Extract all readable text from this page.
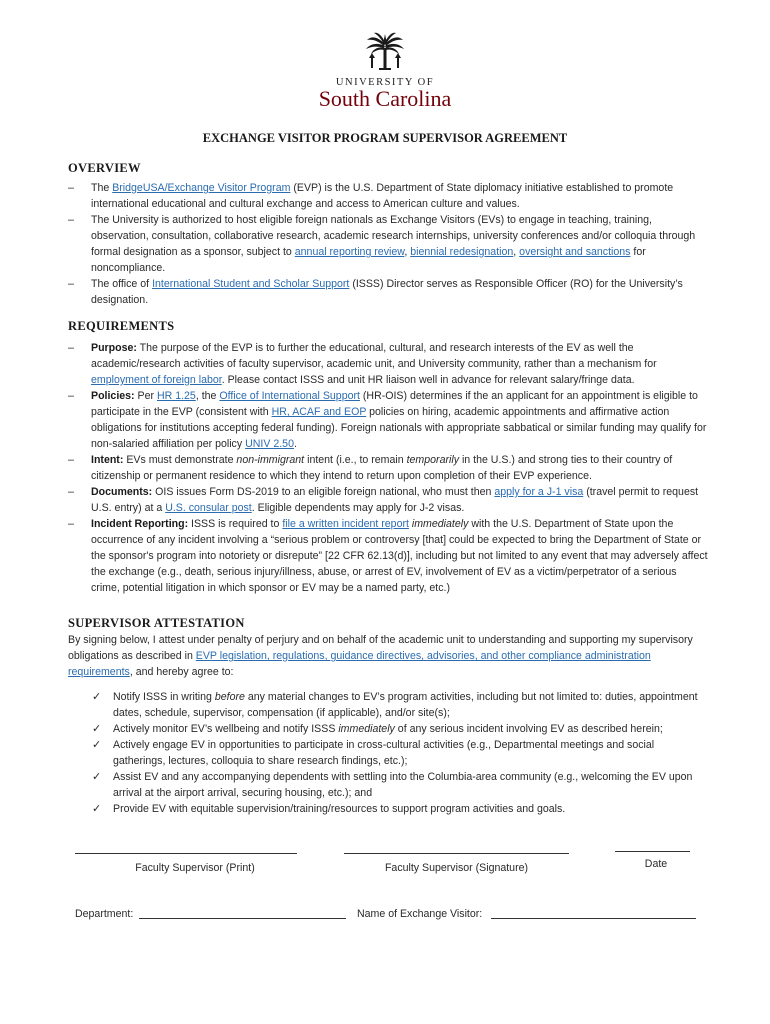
UNIVERSITY OF
South Carolina
EXCHANGE VISITOR PROGRAM SUPERVISOR AGREEMENT
OVERVIEW
– The BridgeUSA/Exchange Visitor Program (EVP) is the U.S. Department of State diplomacy initiative established to promote international educational and cultural exchange and access to American culture and values.
– The University is authorized to host eligible foreign nationals as Exchange Visitors (EVs) to engage in teaching, training, observation, consultation, collaborative research, academic research internships, university conferences and/or colloquia through formal designation as a sponsor, subject to annual reporting review, biennial redesignation, oversight and sanctions for noncompliance.
– The office of International Student and Scholar Support (ISSS) Director serves as Responsible Officer (RO) for the University’s designation.
REQUIREMENTS
– Purpose: The purpose of the EVP is to further the educational, cultural, and research interests of the EV as well the academic/research activities of faculty supervisor, academic unit, and University community, rather than a mechanism for employment of foreign labor. Please contact ISSS and unit HR liaison well in advance for relevant salary/fringe data.
– Policies: Per HR 1.25, the Office of International Support (HR-OIS) determines if the an applicant for an appointment is eligible to participate in the EVP (consistent with HR, ACAF and EOP policies on hiring, academic appointments and affirmative action obligations for institutions accepting federal funding). Foreign nationals with appropriate sabbatical or similar funding may qualify for non-salaried affiliation per policy UNIV 2.50.
– Intent: EVs must demonstrate non-immigrant intent (i.e., to remain temporarily in the U.S.) and strong ties to their country of citizenship or permanent residence to which they intend to return upon completion of their EVP experience.
– Documents: OIS issues Form DS-2019 to an eligible foreign national, who must then apply for a J-1 visa (travel permit to request U.S. entry) at a U.S. consular post. Eligible dependents may apply for J-2 visas.
– Incident Reporting: ISSS is required to file a written incident report immediately with the U.S. Department of State upon the occurrence of any incident involving a “serious problem or controversy [that] could be expected to bring the Department of State or the sponsor's program into notoriety or disrepute” [22 CFR 62.13(d)], including but not limited to any event that may adversely affect the exchange (e.g., death, serious injury/illness, abuse, or arrest of EV, involvement of EV as a victim/perpetrator of a serious crime, potential litigation in which sponsor or EV may be a named party, etc.)
SUPERVISOR ATTESTATION
By signing below, I attest under penalty of perjury and on behalf of the academic unit to understanding and supporting my supervisory obligations as described in EVP legislation, regulations, guidance directives, advisories, and other compliance administration requirements, and hereby agree to:
✓ Notify ISSS in writing before any material changes to EV’s program activities, including but not limited to: duties, appointment dates, schedule, supervisor, compensation (if applicable), and/or site(s);
✓ Actively monitor EV’s wellbeing and notify ISSS immediately of any serious incident involving EV as described herein;
✓ Actively engage EV in opportunities to participate in cross-cultural activities (e.g., Departmental meetings and social gatherings, lectures, colloquia to share research findings, etc.);
✓ Assist EV and any accompanying dependents with settling into the Columbia-area community (e.g., welcoming the EV upon arrival at the airport arrival, securing housing, etc.); and
✓ Provide EV with equitable supervision/training/resources to support program activities and goals.
Faculty Supervisor (Print)	Faculty Supervisor (Signature)	Date
Department:	Name of Exchange Visitor:
